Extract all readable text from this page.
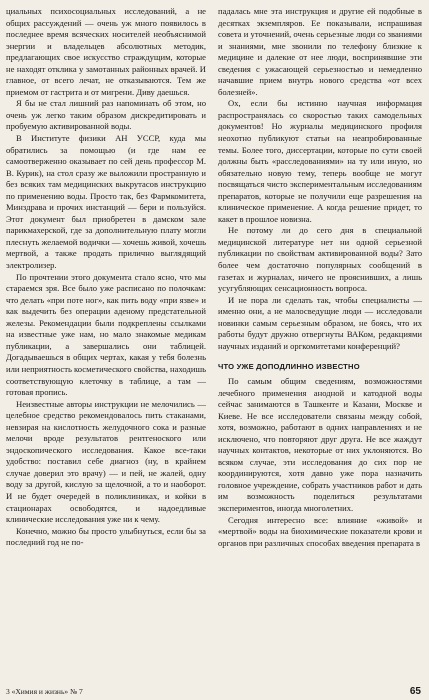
циальных психосоциальных исследований, а не общих рассуждений — очень уж много появилось в последнее время всяческих носителей необъяснимой энергии и владельцев абсолютных методик, предлагающих свое искусство страждущим, которые не находят отклика у замотанных районных врачей. И главное, от всего лечат, не отказываются. Тем же приемом от гастрита и от мигрени. Диву даешься.

Я бы не стал лишний раз напоминать об этом, но очень уж легко таким образом дискредитировать и пробуемую активированной воды.

В Институте физики АН УССР, куда мы обратились за помощью (и где нам ее самоотверженно оказывает по сей день профессор М. В. Курик), на стол сразу же выложили пространную и без всяких там медицинских выкрутасов инструкцию по применению воды. Просто так, без Фармкомитета, Минздрава и прочих инстанций — бери и пользуйся. Этот документ был приобретен в дамском зале парикмахерской, где за дополнительную плату могли плеснуть желаемой водички — хочешь живой, хочешь мертвой, а также продать прилично выглядящий электролизер.

По прочтении этого документа стало ясно, что мы стараемся зря. Все было уже расписано по полочкам: что делать «при поте ног», как пить воду «при язве» и как выдечить без операции аденому предстательной железы. Рекомендации были подкреплены ссылками на известные уже нам, но мало знакомые медикам публикации, а завершались они таблицей. Догадываешься в общих чертах, какая у тебя болезнь или неприятность косметического свойства, находишь соответствующую клеточку в таблице, а там — готовая пропись.

Неизвестные авторы инструкции не мелочились — целебное средство рекомендовалось пить стаканами, невзирая на кислотность желудочного сока и разные мелочи вроде результатов рентгеноского или эндоскопического исследования. Какое все-таки удобство: поставил себе диагноз (ну, в крайнем случае доверил это врачу) — и пей, не жалей, одну воду за другой, кислую за щелочной, а то и наоборот. И не будет очередей в поликлиниках, и койки в стационарах освободятся, и надоедливые клинические исследования уже ни к чему.

Конечно, можно бы просто улыбнуться, если бы за последний год не по-

падалась мне эта инструкция и другие ей подобные в десятках экземпляров. Ее показывали, испрашивая совета и уточнений, очень серьезные люди со званиями и знаниями, мне звонили по телефону близкие к медицине и далекие от нее люди, воспринявшие эти сведения с ужасающей серьезностью и немедленно начавшие прием внутрь нового средства «от всех болезней».

Ох, если бы истинно научная информация распространялась со скоростью таких самодельных документов! Но журналы медицинского профиля неохотно публикуют статьи на неапробированные темы. Более того, диссертации, которые по сути своей должны быть «расследованиями» на ту или иную, но обязательно новую тему, теперь вообще не могут посвящаться чисто экспериментальным исследованиям препаратов, которые не получили еще разрешения на клиническое применение. А когда решение придет, то какет в прошлое новизна.

Не потому ли до сего дня в специальной медицинской литературе нет ни одной серьезной публикации по свойствам активированной воды? Зато более чем достаточно популярных сообщений в газетах и журналах, ничего не прояснивших, а лишь усугубляющих сенсационность вопроса.

И не пора ли сделать так, чтобы специалисты — именно они, а не малосведущие люди — исследовали новинки самым серьезным образом, не боясь, что их работы будут дружно отвергнуты ВАКом, редакциями научных изданий и оргкомитетами конференций?

ЧТО УЖЕ ДОПОДЛИННО ИЗВЕСТНО

По самым общим сведениям, возможностями лечебного применения анодной и катодной воды сейчас занимаются в Ташкенте и Казани, Москве и Киеве. Не все исследователи связаны между собой, хотя, возможно, работают в одних направлениях и не исключено, что повторяют друг друга. Не все жаждут научных контактов, некоторые от них уклоняются. Во всяком случае, эти исследования до сих пор не координируются, хотя давно уже пора назначить головное учреждение, собрать участников работ и дать им возможность поделиться результатами экспериментов, иногда многолетних.

Сегодня интересно все: влияние «живой» и «мертвой» воды на биохимические показатели крови и органов при различных способах введения препарата в

3 «Химия и жизнь» № 7	65
